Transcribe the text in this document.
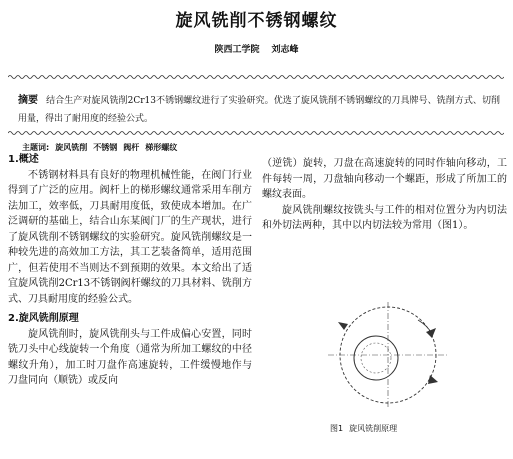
旋风铣削不锈钢螺纹
陕西工学院 刘志峰
摘要 结合生产对旋风铣削2Cr13不锈钢螺纹进行了实验研究。优选了旋风铣削不锈钢螺纹的刀具牌号、铣削方式、切削用量，得出了耐用度的经验公式。
主题词: 旋风铣削 不锈钢 阀杆 梯形螺纹
1.概述

不锈钢材料具有良好的物理机械性能，在阀门行业得到了广泛的应用。阀杆上的梯形螺纹通常采用车削方法加工，效率低，刀具耐用度低，致使成本增加。在广泛调研的基础上，结合山东某阀门厂的生产现状，进行了旋风铣削不锈钢螺纹的实验研究。旋风铣削螺纹是一种较先进的高效加工方法，其工艺装备简单，适用范围广，但若使用不当则达不到预期的效果。本文给出了适宜旋风铣削2Cr13不锈钢阀杆螺纹的刀具材料、铣削方式、刀具耐用度的经验公式。

2.旋风铣削原理

旋风铣削时，旋风铣削头与工件成偏心安置，同时铣刀头中心线旋转一个角度（通常为所加工螺纹的中径螺纹升角），加工时刀盘作高速旋转，工件缓慢地作与刀盘同向（顺铣）或反向

（逆铣）旋转，刀盘在高速旋转的同时作轴向移动，工件每转一周，刀盘轴向移动一个螺距，形成了所加工的螺纹表面。

旋风铣削螺纹按铣头与工件的相对位置分为内切法和外切法两种，其中以内切法较为常用（图1）。

图1 旋风铣削原理
